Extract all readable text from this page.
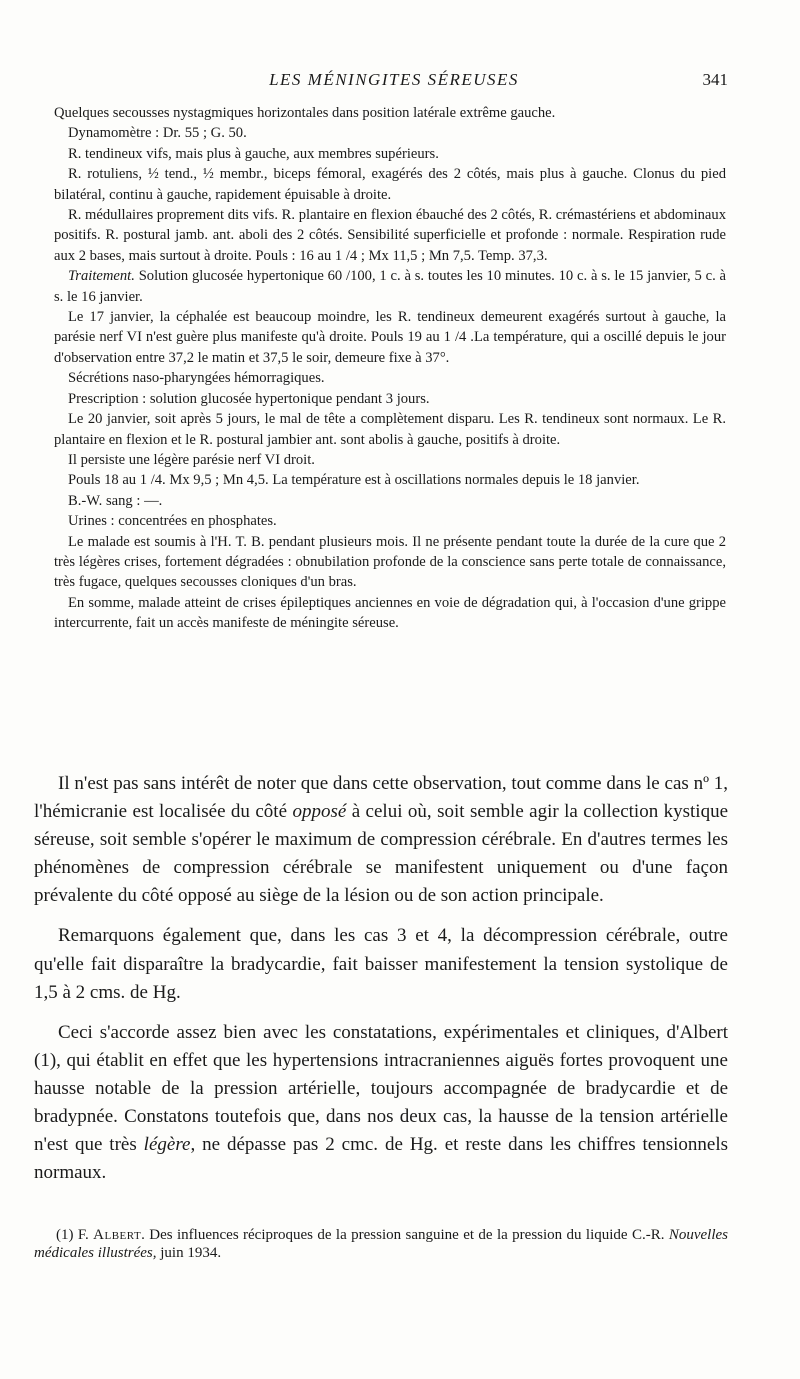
LES MÉNINGITES SÉREUSES	341

Quelques secousses nystagmiques horizontales dans position latérale extrême gauche.

Dynamomètre : Dr. 55 ; G. 50.

R. tendineux vifs, mais plus à gauche, aux membres supérieurs.

R. rotuliens, ½ tend., ½ membr., biceps fémoral, exagérés des 2 côtés, mais plus à gauche. Clonus du pied bilatéral, continu à gauche, rapidement épuisable à droite.

R. médullaires proprement dits vifs. R. plantaire en flexion ébauché des 2 côtés, R. crémastériens et abdominaux positifs. R. postural jamb. ant. aboli des 2 côtés. Sensibilité superficielle et profonde : normale. Respiration rude aux 2 bases, mais surtout à droite. Pouls : 16 au 1 /4 ; Mx 11,5 ; Mn 7,5. Temp. 37,3.

Traitement. Solution glucosée hypertonique 60 /100, 1 c. à s. toutes les 10 minutes. 10 c. à s. le 15 janvier, 5 c. à s. le 16 janvier.

Le 17 janvier, la céphalée est beaucoup moindre, les R. tendineux demeurent exagérés surtout à gauche, la parésie nerf VI n'est guère plus manifeste qu'à droite. Pouls 19 au 1 /4 .La température, qui a oscillé depuis le jour d'observation entre 37,2 le matin et 37,5 le soir, demeure fixe à 37°.

Sécrétions naso-pharyngées hémorragiques.

Prescription : solution glucosée hypertonique pendant 3 jours.

Le 20 janvier, soit après 5 jours, le mal de tête a complètement disparu. Les R. tendineux sont normaux. Le R. plantaire en flexion et le R. postural jambier ant. sont abolis à gauche, positifs à droite.

Il persiste une légère parésie nerf VI droit.

Pouls 18 au 1 /4. Mx 9,5 ; Mn 4,5. La température est à oscillations normales depuis le 18 janvier.

B.-W. sang : —.

Urines : concentrées en phosphates.

Le malade est soumis à l'H. T. B. pendant plusieurs mois. Il ne présente pendant toute la durée de la cure que 2 très légères crises, fortement dégradées : obnubilation profonde de la conscience sans perte totale de connaissance, très fugace, quelques secousses cloniques d'un bras.

En somme, malade atteint de crises épileptiques anciennes en voie de dégradation qui, à l'occasion d'une grippe intercurrente, fait un accès manifeste de méningite séreuse.

Il n'est pas sans intérêt de noter que dans cette observation, tout comme dans le cas nº 1, l'hémicranie est localisée du côté opposé à celui où, soit semble agir la collection kystique séreuse, soit semble s'opérer le maximum de compression cérébrale. En d'autres termes les phénomènes de compression cérébrale se manifestent uniquement ou d'une façon prévalente du côté opposé au siège de la lésion ou de son action principale.

Remarquons également que, dans les cas 3 et 4, la décompression cérébrale, outre qu'elle fait disparaître la bradycardie, fait baisser manifestement la tension systolique de 1,5 à 2 cms. de Hg.

Ceci s'accorde assez bien avec les constatations, expérimentales et cliniques, d'Albert (1), qui établit en effet que les hypertensions intracraniennes aiguës fortes provoquent une hausse notable de la pression artérielle, toujours accompagnée de bradycardie et de bradypnée. Constatons toutefois que, dans nos deux cas, la hausse de la tension artérielle n'est que très légère, ne dépasse pas 2 cmc. de Hg. et reste dans les chiffres tensionnels normaux.

(1) F. Albert. Des influences réciproques de la pression sanguine et de la pression du liquide C.-R. Nouvelles médicales illustrées, juin 1934.
